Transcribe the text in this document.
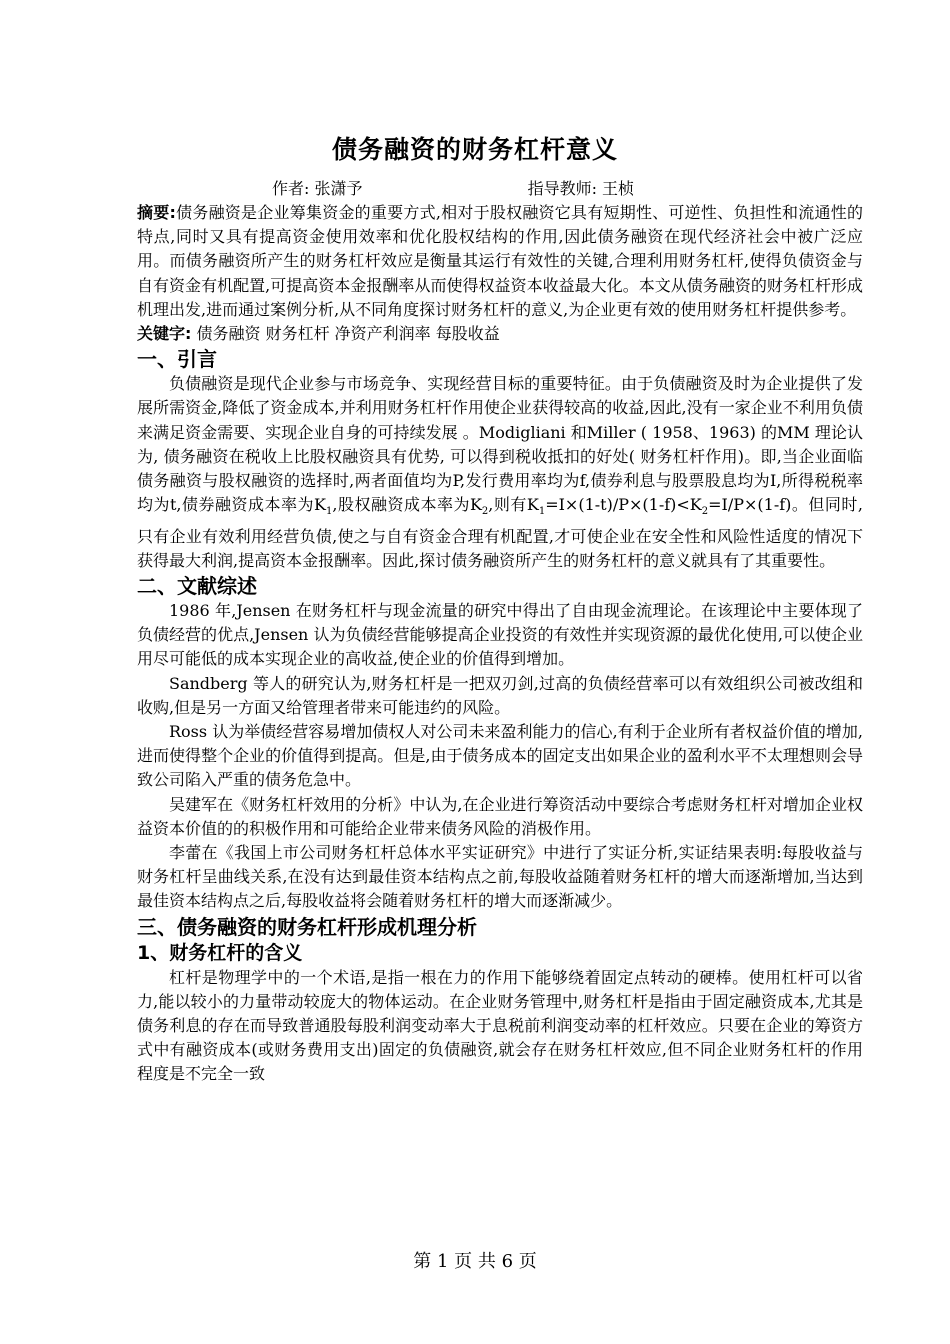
债务融资的财务杠杆意义
作者: 张潇予	指导教师: 王桢

摘要:债务融资是企业筹集资金的重要方式,相对于股权融资它具有短期性、可逆性、负担性和流通性的特点,同时又具有提高资金使用效率和优化股权结构的作用,因此债务融资在现代经济社会中被广泛应用。而债务融资所产生的财务杠杆效应是衡量其运行有效性的关键,合理利用财务杠杆,使得负债资金与自有资金有机配置,可提高资本金报酬率从而使得权益资本收益最大化。本文从债务融资的财务杠杆形成机理出发,进而通过案例分析,从不同角度探讨财务杠杆的意义,为企业更有效的使用财务杠杆提供参考。

关键字: 债务融资 财务杠杆 净资产利润率 每股收益

一、引言

负债融资是现代企业参与市场竞争、实现经营目标的重要特征。由于负债融资及时为企业提供了发展所需资金,降低了资金成本,并利用财务杠杆作用使企业获得较高的收益,因此,没有一家企业不利用负债来满足资金需要、实现企业自身的可持续发展 。Modigliani 和Miller ( 1958、1963) 的MM 理论认为, 债务融资在税收上比股权融资具有优势, 可以得到税收抵扣的好处( 财务杠杆作用)。即,当企业面临债务融资与股权融资的选择时,两者面值均为P,发行费用率均为f,债券利息与股票股息均为I,所得税税率均为t,债券融资成本率为$K_1$,股权融资成本率为$K_2$,则有$K_1=I\times(1-t)/P\times(1-f)<K_2=I/P\times(1-f)$。但同时,只有企业有效利用经营负债,使之与自有资金合理有机配置,才可使企业在安全性和风险性适度的情况下获得最大利润,提高资本金报酬率。因此,探讨债务融资所产生的财务杠杆的意义就具有了其重要性。

二、文献综述

1986 年,Jensen 在财务杠杆与现金流量的研究中得出了自由现金流理论。在该理论中主要体现了负债经营的优点,Jensen 认为负债经营能够提高企业投资的有效性并实现资源的最优化使用,可以使企业用尽可能低的成本实现企业的高收益,使企业的价值得到增加。

Sandberg 等人的研究认为,财务杠杆是一把双刃剑,过高的负债经营率可以有效组织公司被改组和收购,但是另一方面又给管理者带来可能违约的风险。

Ross 认为举债经营容易增加债权人对公司未来盈利能力的信心,有利于企业所有者权益价值的增加,进而使得整个企业的价值得到提高。但是,由于债务成本的固定支出如果企业的盈利水平不太理想则会导致公司陷入严重的债务危急中。

吴建军在《财务杠杆效用的分析》中认为,在企业进行筹资活动中要综合考虑财务杠杆对增加企业权益资本价值的的积极作用和可能给企业带来债务风险的消极作用。

李蕾在《我国上市公司财务杠杆总体水平实证研究》中进行了实证分析,实证结果表明:每股收益与财务杠杆呈曲线关系,在没有达到最佳资本结构点之前,每股收益随着财务杠杆的增大而逐渐增加,当达到最佳资本结构点之后,每股收益将会随着财务杠杆的增大而逐渐减少。

三、债务融资的财务杠杆形成机理分析
1、财务杠杆的含义

杠杆是物理学中的一个术语,是指一根在力的作用下能够绕着固定点转动的硬棒。使用杠杆可以省力,能以较小的力量带动较庞大的物体运动。在企业财务管理中,财务杠杆是指由于固定融资成本,尤其是债务利息的存在而导致普通股每股利润变动率大于息税前利润变动率的杠杆效应。只要在企业的筹资方式中有融资成本(或财务费用支出)固定的负债融资,就会存在财务杠杆效应,但不同企业财务杠杆的作用程度是不完全一致

第 1 页 共 6 页
